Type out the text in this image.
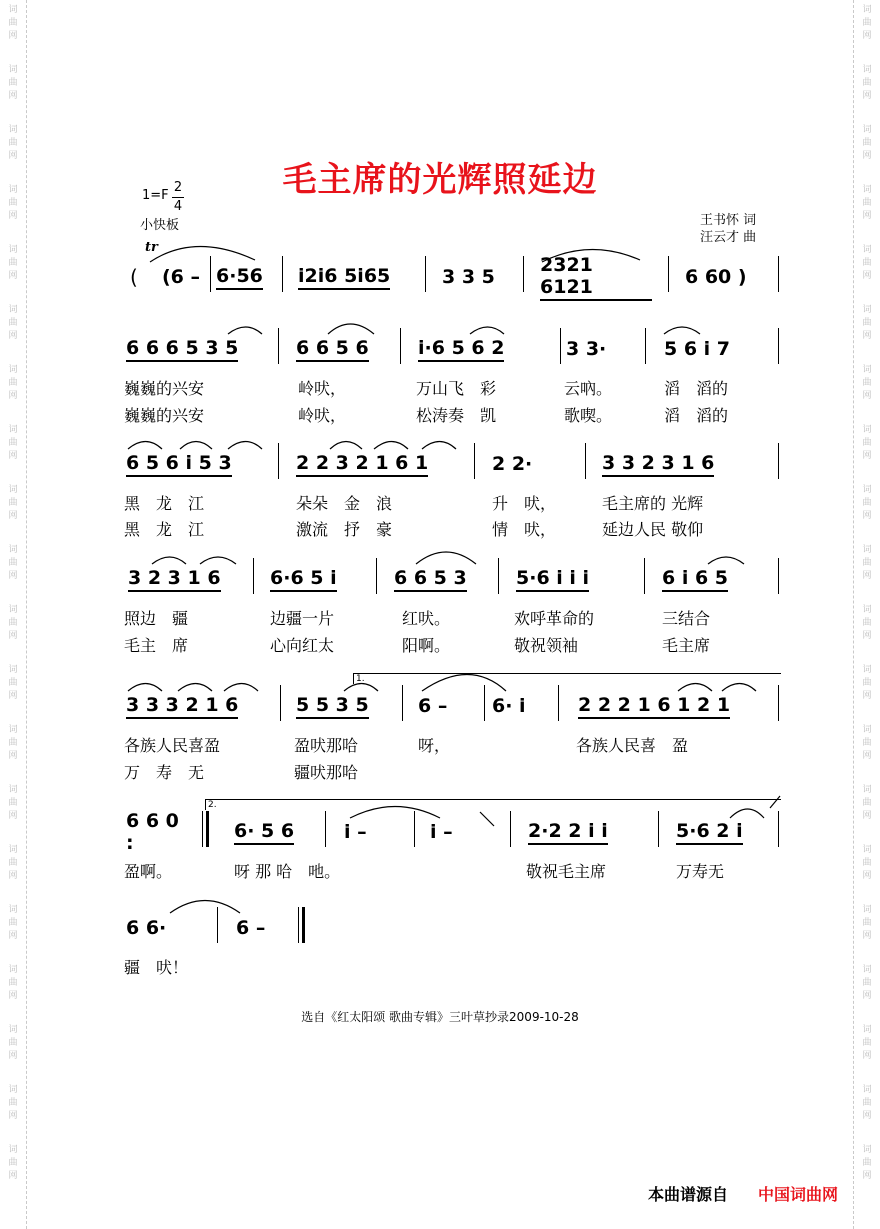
词
曲
网
词
曲
网
词
曲
网
词
曲
网
词
曲
网
词
曲
网
词
曲
网
词
曲
网
词
曲
网
词
曲
网
词
曲
网
词
曲
网
词
曲
网
词
曲
网
词
曲
网
词
曲
网
词
曲
网
词
曲
网
词
曲
网
词
曲
网
词
曲
网
词
曲
网
词
曲
网
词
曲
网
词
曲
网
词
曲
网
词
曲
网
词
曲
网
词
曲
网
词
曲
网
词
曲
网
词
曲
网
词
曲
网
词
曲
网
词
曲
网
词
曲
网
词
曲
网
词
曲
网
词
曲
网
词
曲
网
毛主席的光辉照延边
1=F
2
4
小快板
tr
王书怀 词
汪云才 曲
( (6 – 6·56 i2i6 5i65	3 3 5
2321 6121	6 60 )
6 6 6 5 3 5	6 6 5 6	i·6 5 6 2	3 3·	5 6 i 7
巍巍的兴安	岭吠，	万山飞　彩	云吶。	滔　滔的
巍巍的兴安	岭吠，	松涛奏　凯	歌喫。	滔　滔的
6 5 6 i 5 3	2 2 3 2 1 6 1	2 2·	3 3 2 3 1 6
黑　龙　江	朵朵　金　浪	升　吠，	毛主席的 光辉
黑　龙　江	激流　抒　豪	情　吠，	延边人民 敬仰
3 2 3 1 6	6·6 5 i	6 6 5 3	5·6 i i i	6 i 6 5
照边　疆	边疆一片	红吠。	欢呼革命的	三结合
毛主　席	心向红太	阳啊。	敬祝领袖	毛主席
1.
3 3 3 2 1 6	5 5 3 5	6 – 6· i	2 2 2 1 6 1 2 1
各族人民喜盈	盈吠那哈	呀，	各族人民喜　盈
万　寿　无	疆吠那哈
2.
6 6 0 :
6· 5 6	i –	i –	2·2 2 i i	5·6 2 i
盈啊。	呀 那 哈　吔。	敬祝毛主席	万寿无
6 6·	6 –
疆　吠！
选自《红太阳颂 歌曲专辑》三叶草抄录2009-10-28
本曲谱源自 中国词曲网
